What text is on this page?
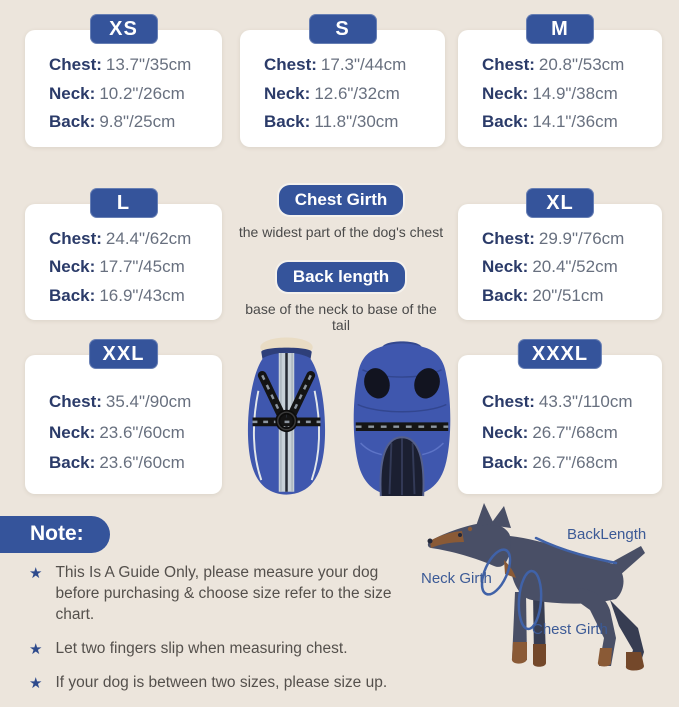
XS
Chest: 13.7"/35cm
Neck: 10.2"/26cm
Back: 9.8"/25cm
S
Chest: 17.3"/44cm
Neck: 12.6"/32cm
Back: 11.8"/30cm
M
Chest: 20.8"/53cm
Neck: 14.9"/38cm
Back: 14.1"/36cm
L
Chest: 24.4"/62cm
Neck: 17.7"/45cm
Back: 16.9"/43cm
XL
Chest: 29.9"/76cm
Neck: 20.4"/52cm
Back: 20"/51cm
XXL
Chest: 35.4"/90cm
Neck: 23.6"/60cm
Back: 23.6"/60cm
XXXL
Chest: 43.3"/110cm
Neck: 26.7"/68cm
Back: 26.7"/68cm
Chest Girth
the widest part of the dog's chest
Back length
base of the neck to base of the tail
Note:
★ This Is A Guide Only, please measure your dog before purchasing & choose size refer to the size chart.
★ Let two fingers slip when measuring chest.
★ If your dog is between two sizes, please size up.
BackLength
Neck Girth
Chest Girth
